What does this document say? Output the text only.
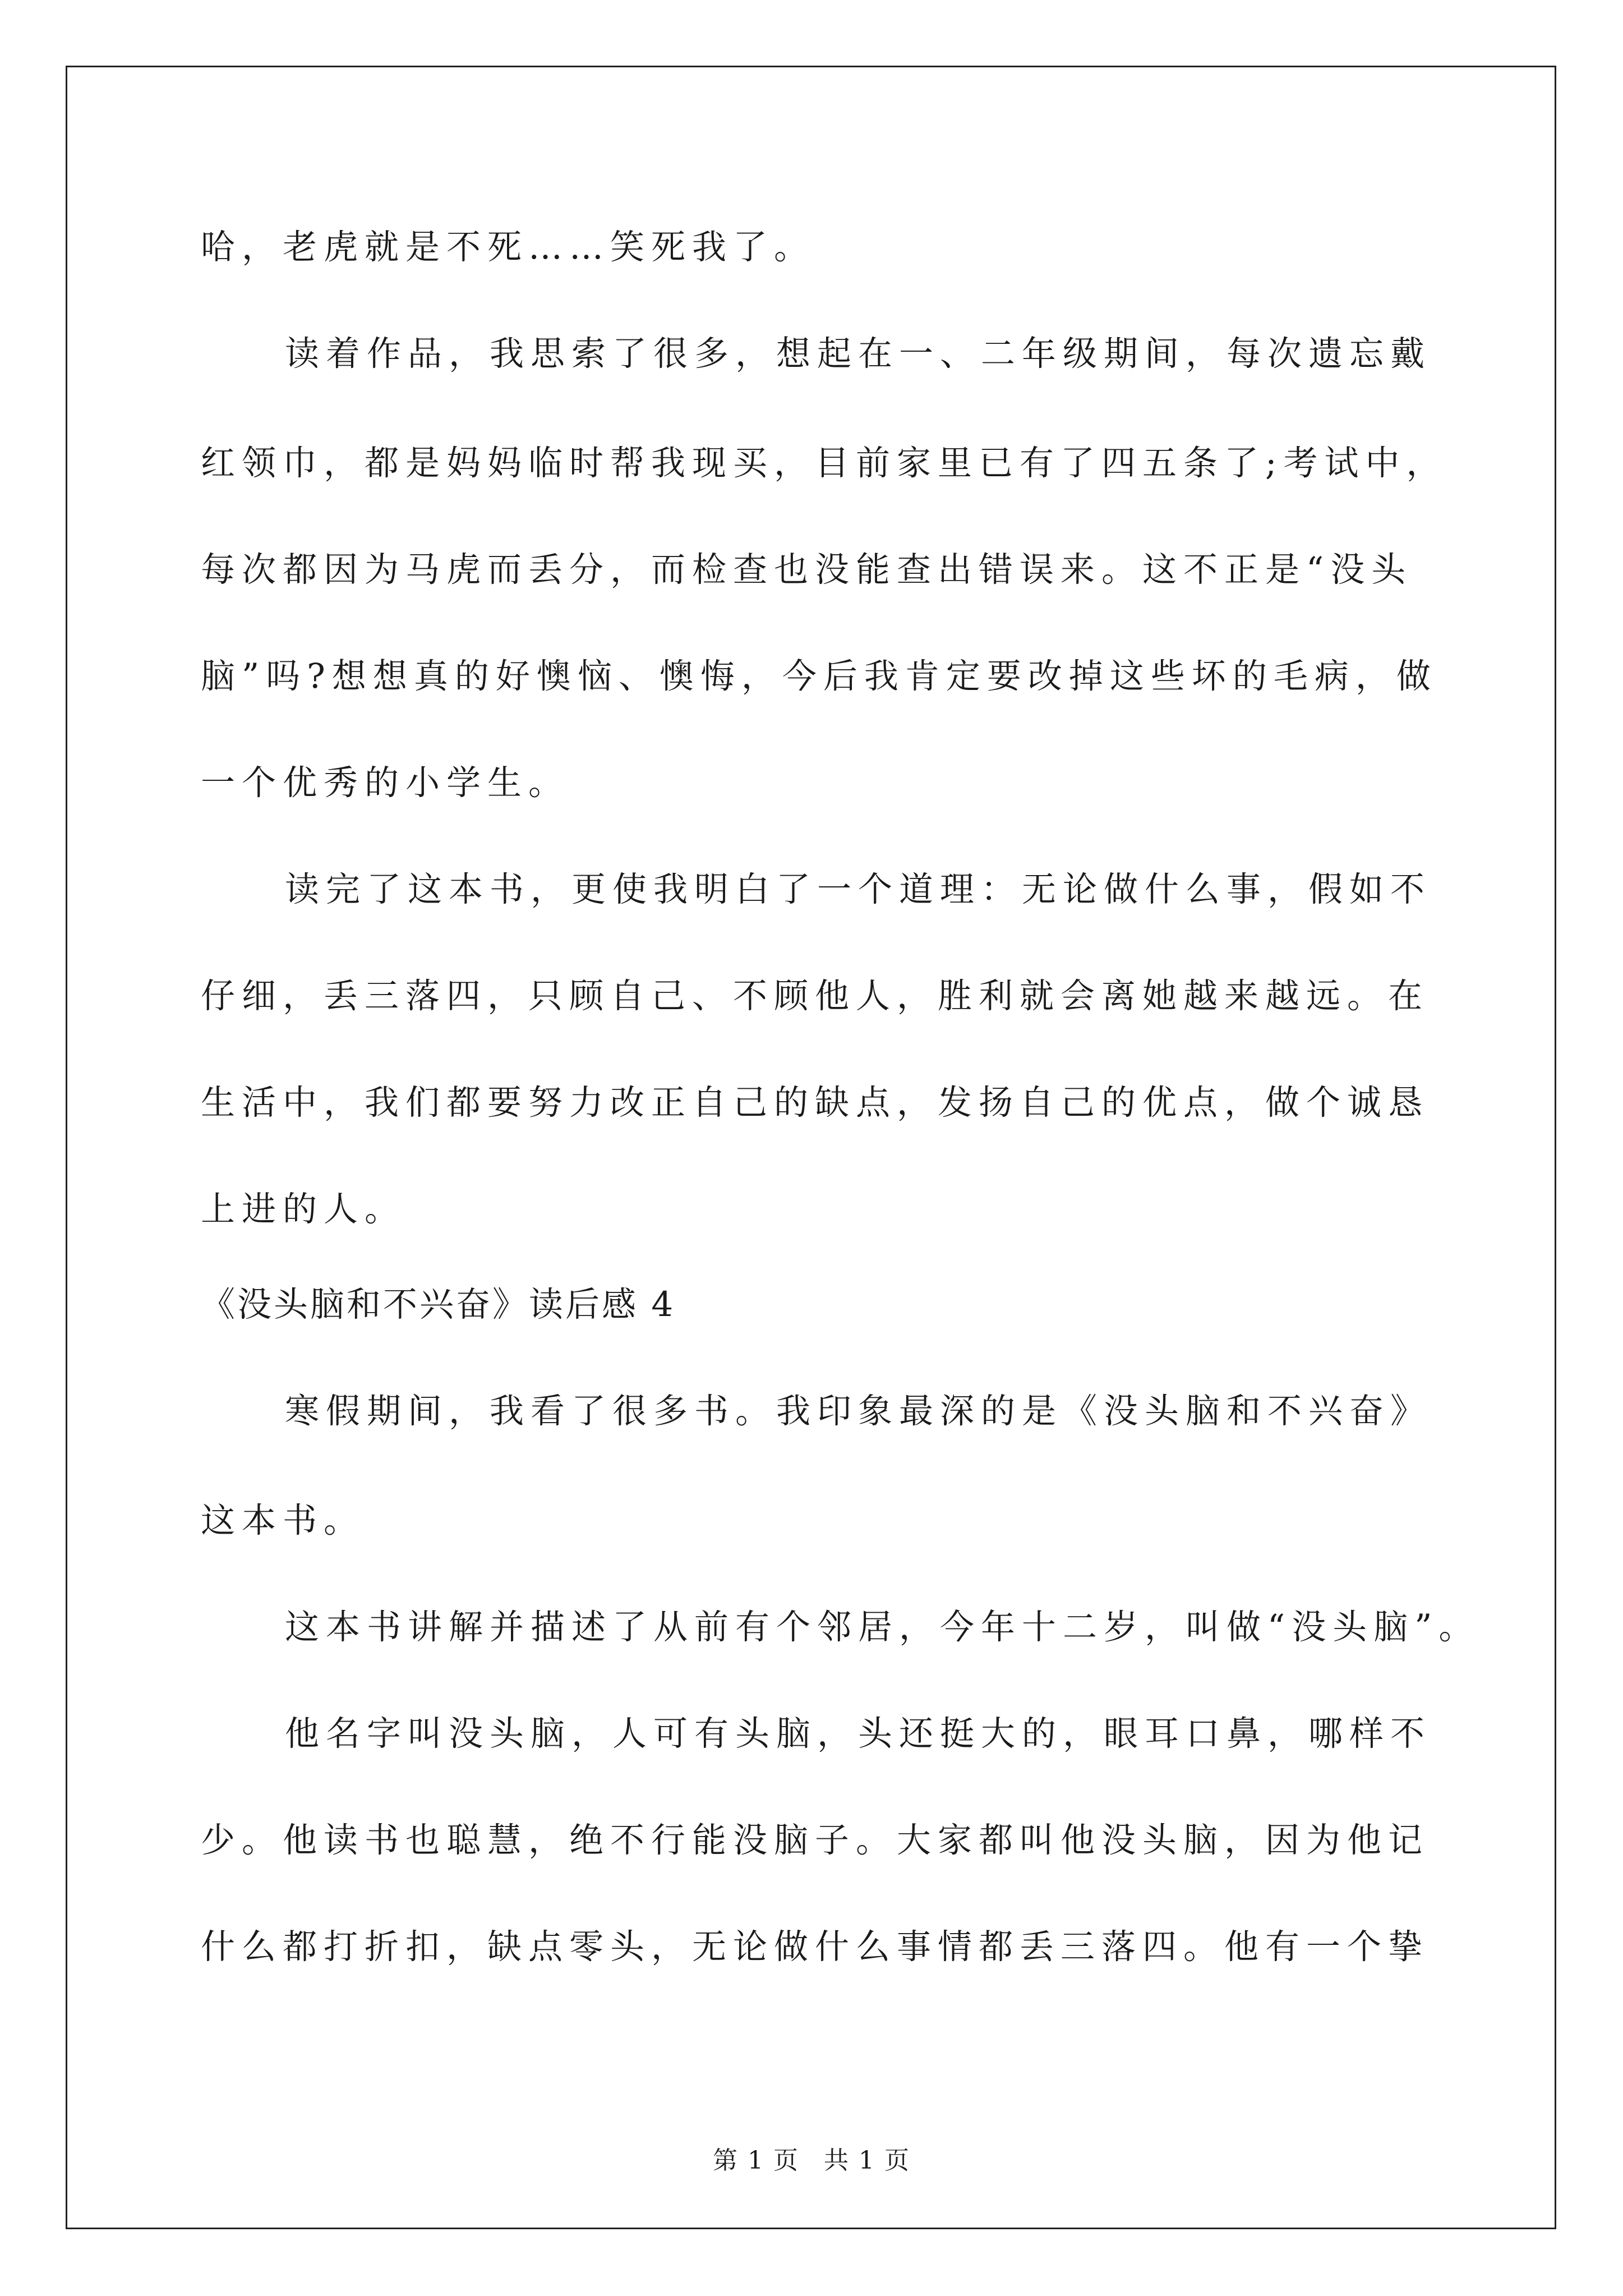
哈，老虎就是不死……笑死我了。
读着作品，我思索了很多，想起在一、二年级期间，每次遗忘戴
红领巾，都是妈妈临时帮我现买，目前家里已有了四五条了;考试中，
每次都因为马虎而丢分，而检查也没能查出错误来。这不正是“没头
脑”吗?想想真的好懊恼、懊悔，今后我肯定要改掉这些坏的毛病，做
一个优秀的小学生。
读完了这本书，更使我明白了一个道理：无论做什么事，假如不
仔细，丢三落四，只顾自己、不顾他人，胜利就会离她越来越远。在
生活中，我们都要努力改正自己的缺点，发扬自己的优点，做个诚恳
上进的人。
《没头脑和不兴奋》读后感 4
寒假期间，我看了很多书。我印象最深的是《没头脑和不兴奋》
这本书。
这本书讲解并描述了从前有个邻居，今年十二岁，叫做“没头脑”。
他名字叫没头脑，人可有头脑，头还挺大的，眼耳口鼻，哪样不
少。他读书也聪慧，绝不行能没脑子。大家都叫他没头脑，因为他记
什么都打折扣，缺点零头，无论做什么事情都丢三落四。他有一个挚
第 1 页 共 1 页
